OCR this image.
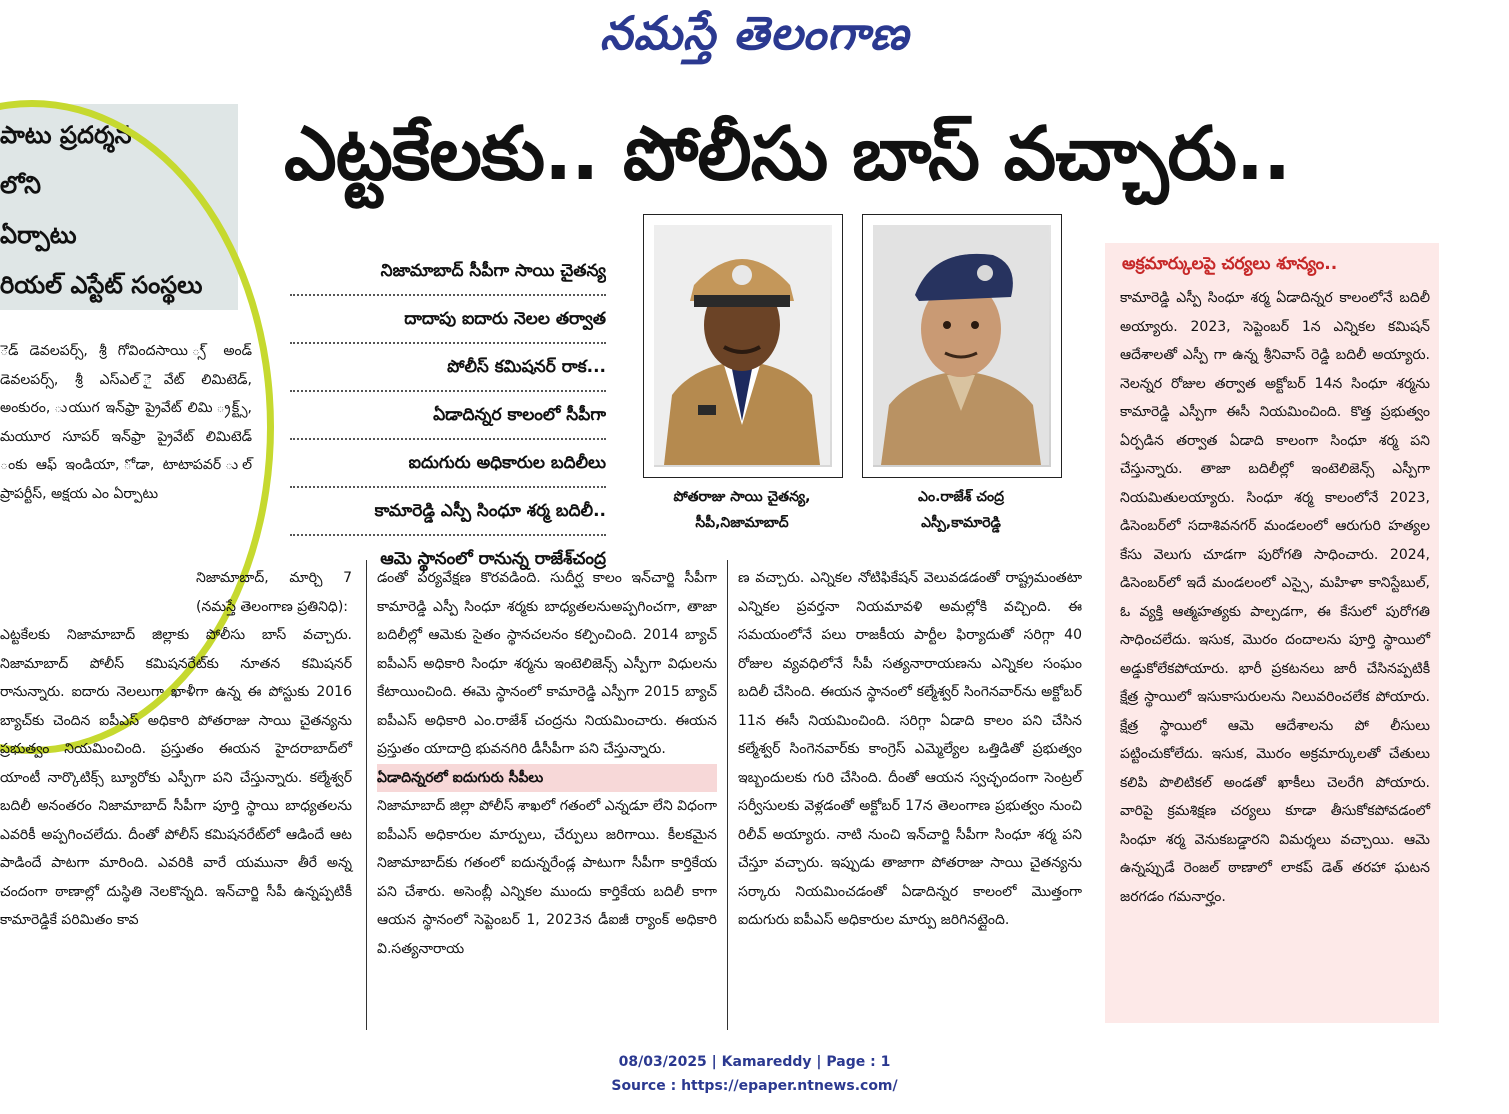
నమస్తే తెలంగాణ
పాటు ప్రదర్శన
లోని
ఏర్పాటు
రియల్ ఎస్టేట్ సంస్థలు
ఎట్టకేలకు.. పోలీసు బాస్ వచ్చారు..
నిజామాబాద్ సీపీగా సాయి చైతన్య
దాదాపు ఐదారు నెలల తర్వాత
పోలీస్ కమిషనర్ రాక...
ఏడాదిన్నర కాలంలో సీపీగా
ఐదుగురు అధికారుల బదిలీలు
కామారెడ్డి ఎస్పీ సింధూ శర్మ బదిలీ..
ఆమె స్థానంలో రానున్న రాజేశ్‌చంద్ర
పోతరాజు సాయి చైతన్య,
సీపీ,నిజామాబాద్
ఎం.రాజేశ్ చంద్ర
ఎస్పీ,కామారెడ్డి

ెడ్ డెవలపర్స్, శ్రీ గోవిందసాయి ్స్ అండ్ డెవలపర్స్, శ్రీ ఎస్ఎల్ ైవేట్ లిమిటెడ్, అంకురం, ుయుగ ఇన్‌ఫ్రా ప్రైవేట్ లిమి ్రక్ట్స్, మయూర సూపర్ ఇన్‌ఫ్రా ప్రైవేట్ లిమిటెడ్ ంకు ఆఫ్ ఇండియా, ోడా, టాటాపవర్ ుల్ ప్రాపర్టీస్, అక్షయ ఎం ఏర్పాటు

నిజామాబాద్, మార్చి 7 (నమస్తే తెలంగాణ ప్రతినిధి):

ఎట్టకేలకు నిజామాబాద్ జిల్లాకు పోలీసు బాస్ వచ్చారు. నిజామాబాద్ పోలీస్ కమిషనరేట్‌కు నూతన కమిషనర్ రానున్నారు. ఐదారు నెలలుగా ఖాళీగా ఉన్న ఈ పోస్టుకు 2016 బ్యాచ్‌కు చెందిన ఐపీఎస్ అధికారి పోతరాజు సాయి చైతన్యను ప్రభుత్వం నియమించింది. ప్రస్తుతం ఈయన హైదరాబాద్‌లో యాంటీ నార్కొటిక్స్ బ్యూరోకు ఎస్పీగా పని చేస్తున్నారు. కల్మేశ్వర్ బదిలీ అనంతరం నిజామాబాద్ సీపీగా పూర్తి స్థాయి బాధ్యతలను ఎవరికీ అప్పగించలేదు. దీంతో పోలీస్ కమిషనరేట్‌లో ఆడిందే ఆట పాడిందే పాటగా మారింది. ఎవరికి వారే యమునా తీరే అన్న చందంగా ఠాణాల్లో దుస్థితి నెలకొన్నది. ఇన్‌చార్జి సీపీ ఉన్నప్పటికీ కామారెడ్డికే పరిమితం కావ

డంతో పర్యవేక్షణ కొరవడింది. సుదీర్ఘ కాలం ఇన్‌చార్జి సీపీగా కామారెడ్డి ఎస్పీ సింధూ శర్మకు బాధ్యతలనుఅప్పగించగా, తాజా బదిలీల్లో ఆమెకు సైతం స్థానచలనం కల్పించింది. 2014 బ్యాచ్ ఐపీఎస్ అధికారి సింధూ శర్మను ఇంటెలిజెన్స్ ఎస్పీగా విధులను కేటాయించింది. ఈమె స్థానంలో కామారెడ్డి ఎస్పీగా 2015 బ్యాచ్ ఐపీఎస్ అధికారి ఎం.రాజేశ్ చంద్రను నియమించారు. ఈయన ప్రస్తుతం యాదాద్రి భువనగిరి డీసీపీగా పని చేస్తున్నారు.

ఏడాదిన్నరలో ఐదుగురు సీపీలు

నిజామాబాద్ జిల్లా పోలీస్ శాఖలో గతంలో ఎన్నడూ లేని విధంగా ఐపీఎస్ అధికారుల మార్పులు, చేర్పులు జరిగాయి. కీలకమైన నిజామాబాద్‌కు గతంలో ఐదున్నరేండ్ల పాటుగా సీపీగా కార్తికేయ పని చేశారు. అసెంబ్లీ ఎన్నికల ముందు కార్తికేయ బదిలీ కాగా ఆయన స్థానంలో సెప్టెంబర్ 1, 2023న డీఐజీ ర్యాంక్ అధికారి వి.సత్యనారాయ

ణ వచ్చారు. ఎన్నికల నోటిఫికేషన్ వెలువడడంతో రాష్ట్రమంతటా ఎన్నికల ప్రవర్తనా నియమావళి అమల్లోకి వచ్చింది. ఈ సమయంలోనే పలు రాజకీయ పార్టీల ఫిర్యాదుతో సరిగ్గా 40 రోజుల వ్యవధిలోనే సీపీ సత్యనారాయణను ఎన్నికల సంఘం బదిలీ చేసింది. ఈయన స్థానంలో కల్మేశ్వర్ సింగెనవార్‌ను అక్టోబర్ 11న ఈసీ నియమించింది. సరిగ్గా ఏడాది కాలం పని చేసిన కల్మేశ్వర్ సింగెనవార్‌కు కాంగ్రెస్ ఎమ్మెల్యేల ఒత్తిడితో ప్రభుత్వం ఇబ్బందులకు గురి చేసింది. దీంతో ఆయన స్వచ్ఛందంగా సెంట్రల్ సర్వీసులకు వెళ్లడంతో అక్టోబర్ 17న తెలంగాణ ప్రభుత్వం నుంచి రిలీవ్ అయ్యారు. నాటి నుంచి ఇన్‌చార్జి సీపీగా సింధూ శర్మ పని చేస్తూ వచ్చారు. ఇప్పుడు తాజాగా పోతరాజు సాయి చైతన్యను సర్కారు నియమించడంతో ఏడాదిన్నర కాలంలో మొత్తంగా ఐదుగురు ఐపీఎస్ అధికారుల మార్పు జరిగినట్లైంది.

అక్రమార్కులపై చర్యలు శూన్యం..
కామారెడ్డి ఎస్పీ సింధూ శర్మ ఏడాదిన్నర కాలంలోనే బదిలీ అయ్యారు. 2023, సెప్టెంబర్ 1న ఎన్నికల కమిషన్ ఆదేశాలతో ఎస్పీ గా ఉన్న శ్రీనివాస్ రెడ్డి బదిలీ అయ్యారు. నెలన్నర రోజుల తర్వాత అక్టోబర్ 14న సింధూ శర్మను కామారెడ్డి ఎస్పీగా ఈసీ నియమించింది. కొత్త ప్రభుత్వం ఏర్పడిన తర్వాత ఏడాది కాలంగా సింధూ శర్మ పని చేస్తున్నారు. తాజా బదిలీల్లో ఇంటెలిజెన్స్ ఎస్పీగా నియమితులయ్యారు. సింధూ శర్మ కాలంలోనే 2023, డిసెంబర్‌లో సదాశివనగర్ మండలంలో ఆరుగురి హత్యల కేసు వెలుగు చూడగా పురోగతి సాధించారు. 2024, డిసెంబర్‌లో ఇదే మండలంలో ఎస్సై, మహిళా కానిస్టేబుల్, ఓ వ్యక్తి ఆత్మహత్యకు పాల్పడగా, ఈ కేసులో పురోగతి సాధించలేదు. ఇసుక, మొరం దందాలను పూర్తి స్థాయిలో అడ్డుకోలేకపోయారు. భారీ ప్రకటనలు జారీ చేసినప్పటికీ క్షేత్ర స్థాయిలో ఇసుకాసురులను నిలువరించలేక పోయారు. క్షేత్ర స్థాయిలో ఆమె ఆదేశాలను పో లీసులు పట్టించుకోలేదు. ఇసుక, మొరం అక్రమార్కులతో చేతులు కలిపి పొలిటికల్ అండతో ఖాకీలు చెలరేగి పోయారు. వారిపై క్రమశిక్షణ చర్యలు కూడా తీసుకోకపోవడంలో సింధూ శర్మ వెనుకబడ్డారని విమర్శలు వచ్చాయి. ఆమె ఉన్నప్పుడే రెంజల్ ఠాణాలో లాకప్ డెత్ తరహా ఘటన జరగడం గమనార్హం.
08/03/2025 | Kamareddy | Page : 1
Source : https://epaper.ntnews.com/
